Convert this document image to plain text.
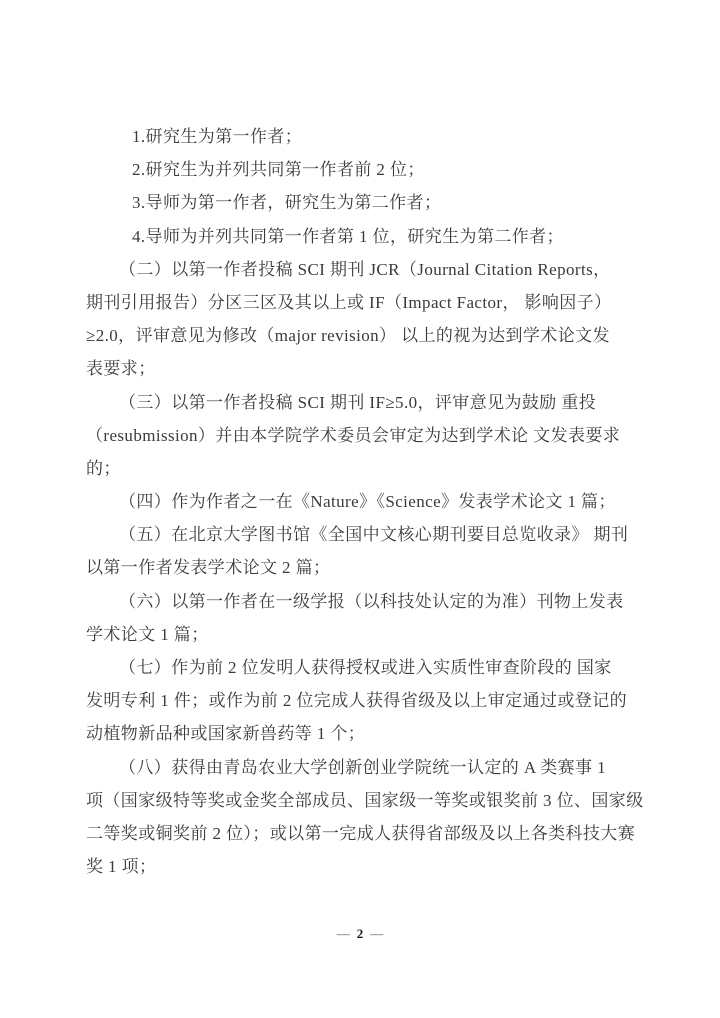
1.研究生为第一作者；

2.研究生为并列共同第一作者前 2 位；

3.导师为第一作者，研究生为第二作者；

4.导师为并列共同第一作者第 1 位，研究生为第二作者；

（二）以第一作者投稿 SCI 期刊 JCR（Journal Citation Reports，

期刊引用报告）分区三区及其以上或 IF（Impact Factor， 影响因子）

≥2.0，评审意见为修改（major revision） 以上的视为达到学术论文发

表要求；

（三）以第一作者投稿 SCI 期刊 IF≥5.0，评审意见为鼓励 重投

（resubmission）并由本学院学术委员会审定为达到学术论 文发表要求

的；

（四）作为作者之一在《Nature》《Science》发表学术论文 1 篇；

（五）在北京大学图书馆《全国中文核心期刊要目总览收录》 期刊

以第一作者发表学术论文 2 篇；

（六）以第一作者在一级学报（以科技处认定的为准）刊物上发表

学术论文 1 篇；

（七）作为前 2 位发明人获得授权或进入实质性审查阶段的 国家

发明专利 1 件；或作为前 2 位完成人获得省级及以上审定通过或登记的

动植物新品种或国家新兽药等 1 个；

（八）获得由青岛农业大学创新创业学院统一认定的 A 类赛事 1

项（国家级特等奖或金奖全部成员、国家级一等奖或银奖前 3 位、国家级

二等奖或铜奖前 2 位）；或以第一完成人获得省部级及以上各类科技大赛

奖 1 项；

— 2 —
